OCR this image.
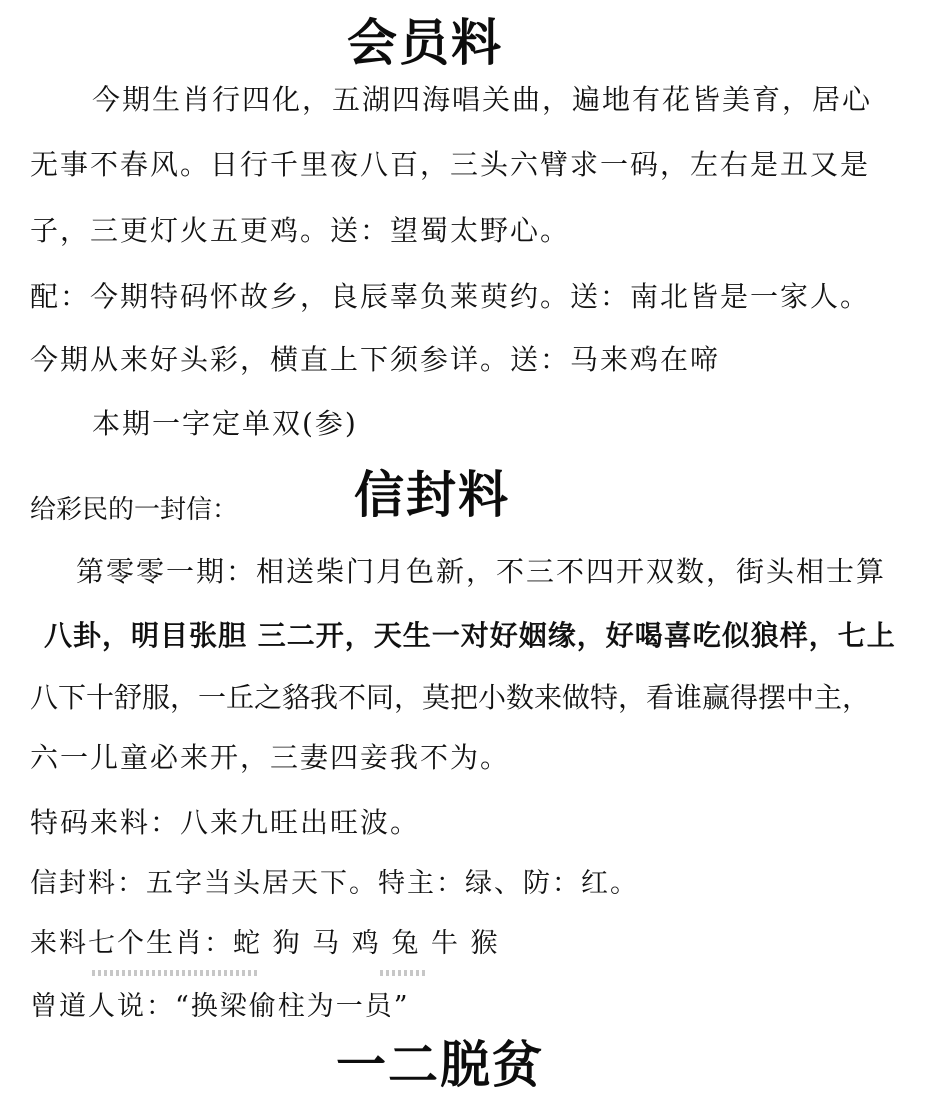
会员料
今期生肖行四化，五湖四海唱关曲，遍地有花皆美育，居心
无事不春风。日行千里夜八百，三头六臂求一码，左右是丑又是
子，三更灯火五更鸡。送：望蜀太野心。
配：今期特码怀故乡，良辰辜负莱萸约。送：南北皆是一家人。
今期从来好头彩，横直上下须参详。送：马来鸡在啼
本期一字定单双(参)
给彩民的一封信： 信封料
第零零一期：相送柴门月色新，不三不四开双数，街头相士算
八卦，明目张胆 三二开，天生一对好姻缘，好喝喜吃似狼样，七上
八下十舒服，一丘之貉我不同，莫把小数来做特，看谁赢得摆中主，
六一儿童必来开，三妻四妾我不为。
特码来料：八来九旺出旺波。
信封料：五字当头居天下。特主：绿、防：红。
来料七个生肖：蛇 狗 马 鸡 兔 牛 猴
曾道人说：“换梁偷柱为一员”
一二脱贫
